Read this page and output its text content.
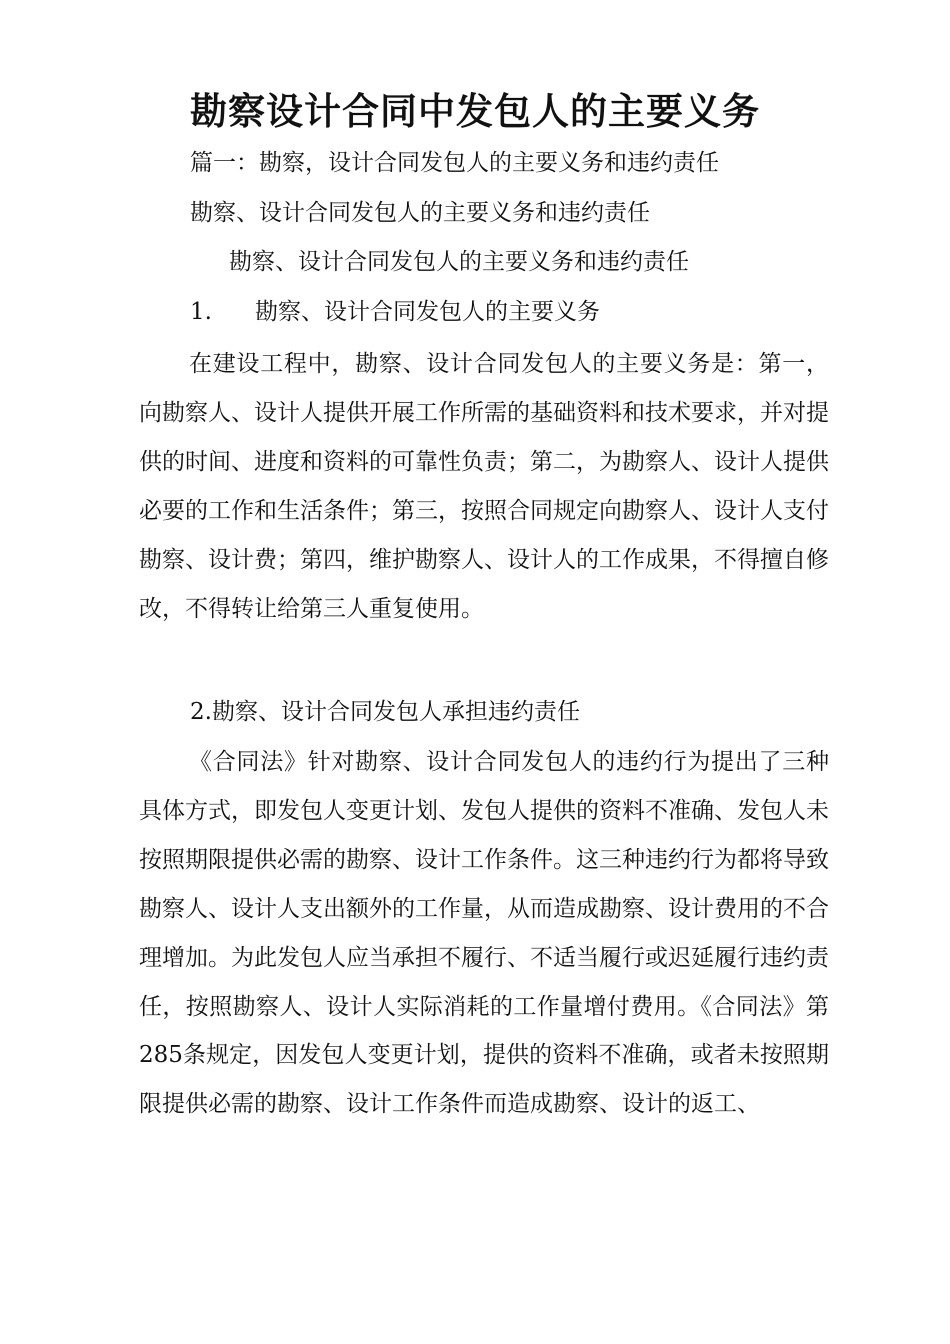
勘察设计合同中发包人的主要义务
篇一：勘察，设计合同发包人的主要义务和违约责任
勘察、设计合同发包人的主要义务和违约责任
勘察、设计合同发包人的主要义务和违约责任
1. 勘察、设计合同发包人的主要义务
在建设工程中，勘察、设计合同发包人的主要义务是：第一，向勘察人、设计人提供开展工作所需的基础资料和技术要求，并对提供的时间、进度和资料的可靠性负责；第二，为勘察人、设计人提供必要的工作和生活条件；第三，按照合同规定向勘察人、设计人支付勘察、设计费；第四，维护勘察人、设计人的工作成果，不得擅自修改，不得转让给第三人重复使用。
2.勘察、设计合同发包人承担违约责任
《合同法》针对勘察、设计合同发包人的违约行为提出了三种具体方式，即发包人变更计划、发包人提供的资料不准确、发包人未按照期限提供必需的勘察、设计工作条件。这三种违约行为都将导致勘察人、设计人支出额外的工作量，从而造成勘察、设计费用的不合理增加。为此发包人应当承担不履行、不适当履行或迟延履行违约责任，按照勘察人、设计人实际消耗的工作量增付费用。《合同法》第285条规定，因发包人变更计划，提供的资料不准确，或者未按照期限提供必需的勘察、设计工作条件而造成勘察、设计的返工、
